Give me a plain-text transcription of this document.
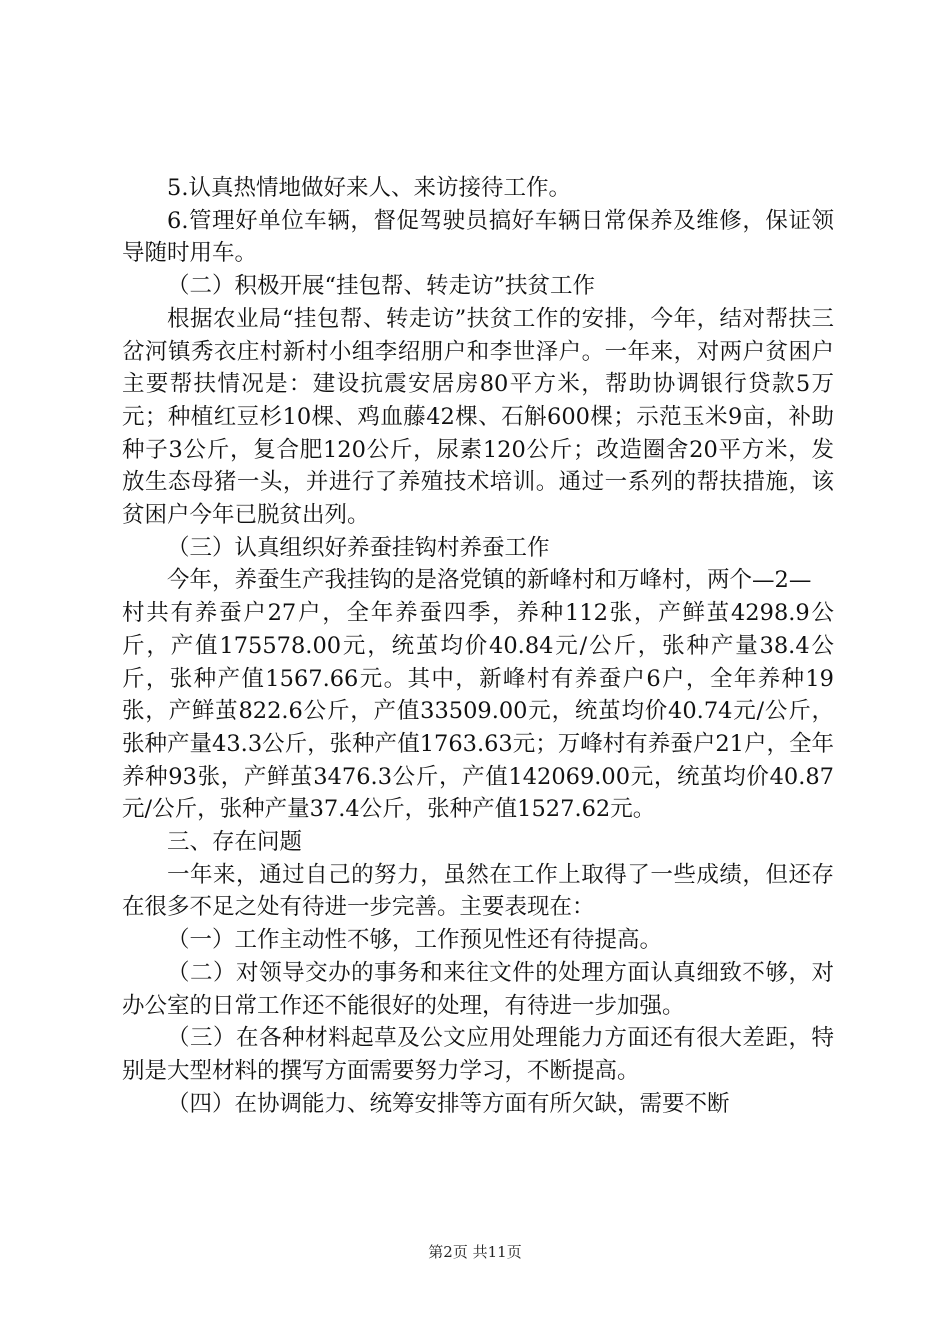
5.认真热情地做好来人、来访接待工作。

6.管理好单位车辆，督促驾驶员搞好车辆日常保养及维修，保证领导随时用车。

（二）积极开展“挂包帮、转走访”扶贫工作

根据农业局“挂包帮、转走访”扶贫工作的安排，今年，结对帮扶三岔河镇秀衣庄村新村小组李绍朋户和李世泽户。一年来，对两户贫困户主要帮扶情况是：建设抗震安居房80平方米，帮助协调银行贷款5万元；种植红豆杉10棵、鸡血藤42棵、石斛600棵；示范玉米9亩，补助种子3公斤，复合肥120公斤，尿素120公斤；改造圈舍20平方米，发放生态母猪一头，并进行了养殖技术培训。通过一系列的帮扶措施，该贫困户今年已脱贫出列。

（三）认真组织好养蚕挂钩村养蚕工作

今年，养蚕生产我挂钩的是洛党镇的新峰村和万峰村，两个—2—

村共有养蚕户27户，全年养蚕四季，养种112张，产鲜茧4298.9公斤，产值175578.00元，统茧均价40.84元/公斤，张种产量38.4公斤，张种产值1567.66元。其中，新峰村有养蚕户6户，全年养种19张，产鲜茧822.6公斤，产值33509.00元，统茧均价40.74元/公斤，张种产量43.3公斤，张种产值1763.63元；万峰村有养蚕户21户，全年养种93张，产鲜茧3476.3公斤，产值142069.00元，统茧均价40.87元/公斤，张种产量37.4公斤，张种产值1527.62元。

三、存在问题

一年来，通过自己的努力，虽然在工作上取得了一些成绩，但还存在很多不足之处有待进一步完善。主要表现在：

（一）工作主动性不够，工作预见性还有待提高。

（二）对领导交办的事务和来往文件的处理方面认真细致不够，对办公室的日常工作还不能很好的处理，有待进一步加强。

（三）在各种材料起草及公文应用处理能力方面还有很大差距，特别是大型材料的撰写方面需要努力学习，不断提高。

（四）在协调能力、统筹安排等方面有所欠缺，需要不断

第2页 共11页
